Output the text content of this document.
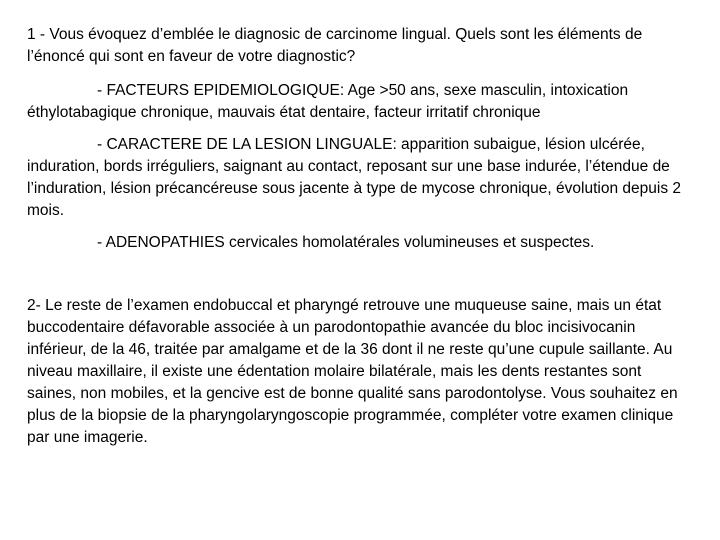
1 - Vous évoquez d’emblée le diagnosic de carcinome lingual. Quels sont les éléments de l’énoncé qui sont en faveur de votre diagnostic?

- FACTEURS EPIDEMIOLOGIQUE: Age >50 ans, sexe masculin, intoxication éthylotabagique chronique, mauvais état dentaire, facteur irritatif chronique

- CARACTERE DE LA LESION LINGUALE: apparition subaigue, lésion ulcérée, induration, bords irréguliers, saignant au contact, reposant sur une base indurée, l’étendue de l’induration, lésion précancéreuse sous jacente à type de mycose chronique, évolution depuis 2 mois.

- ADENOPATHIES cervicales homolatérales volumineuses et suspectes.

2- Le reste de l’examen endobuccal et pharyngé retrouve une muqueuse saine, mais un état buccodentaire défavorable associée à un parodontopathie avancée du bloc incisivocanin inférieur, de la 46, traitée par amalgame et de la 36 dont il ne reste qu’une cupule saillante. Au niveau maxillaire, il existe une édentation molaire bilatérale, mais les dents restantes sont saines, non mobiles, et la gencive est de bonne qualité sans parodontolyse. Vous souhaitez en plus de la biopsie de la pharyngolaryngoscopie programmée, compléter votre examen clinique par une imagerie.
